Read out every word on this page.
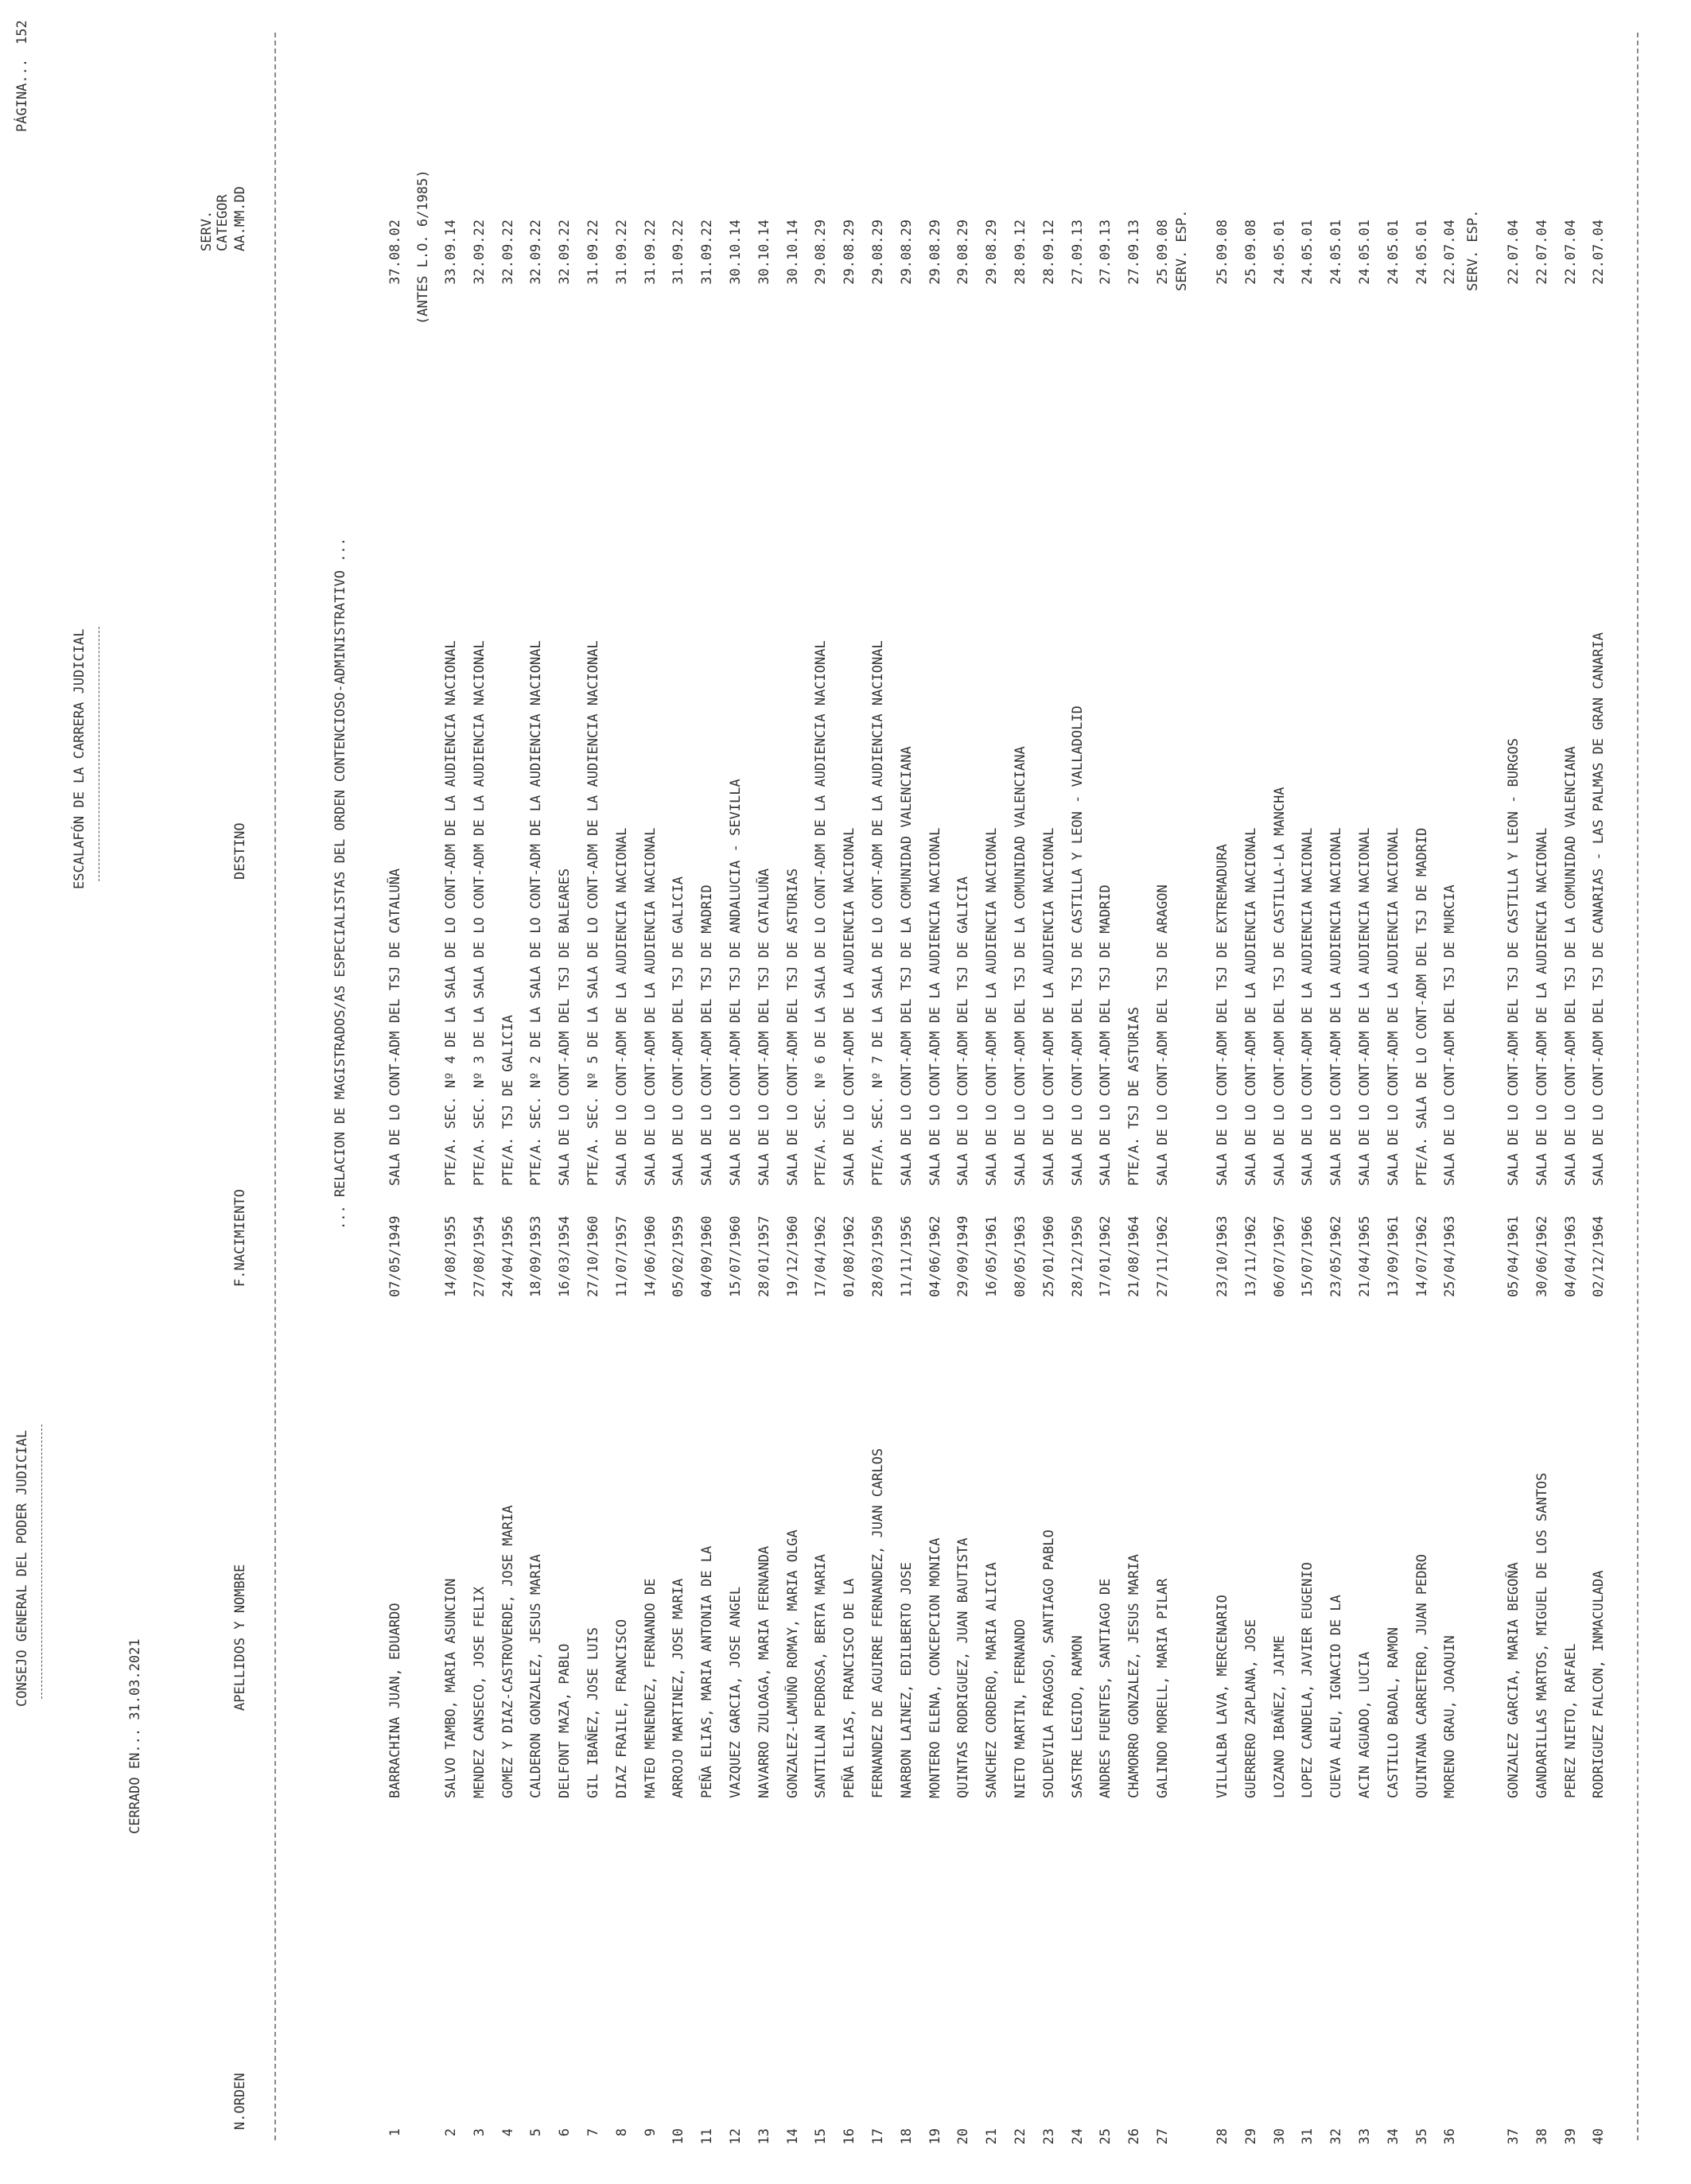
CONSEJO GENERAL DEL PODER JUDICIAL
ESCALAFÓN DE LA CARRERA JUDICIAL
PÁGINA...
152
CERRADO EN... 31.03.2021
SERV. CATEGOR
N.ORDEN
APELLIDOS Y NOMBRE
F.NACIMIENTO
DESTINO
AA.MM.DD
... RELACION DE MAGISTRADOS/AS ESPECIALISTAS DEL ORDEN CONTENCIOSO-ADMINISTRATIVO ...
(ANTES L.O. 6/1985)	SERV. ESP.	SERV. ESP.
1
BARRACHINA JUAN, EDUARDO
07/05/1949
SALA DE LO CONT-ADM DEL TSJ DE CATALUÑA
37.08.02
2
SALVO TAMBO, MARIA ASUNCION
14/08/1955
PTE/A. SEC. Nº 4 DE LA SALA DE LO CONT-ADM DE LA AUDIENCIA NACIONAL
33.09.14
3
MENDEZ CANSECO, JOSE FELIX
27/08/1954
PTE/A. SEC. Nº 3 DE LA SALA DE LO CONT-ADM DE LA AUDIENCIA NACIONAL
32.09.22
4
GOMEZ Y DIAZ-CASTROVERDE, JOSE MARIA
24/04/1956
PTE/A. TSJ DE GALICIA
32.09.22
5
CALDERON GONZALEZ, JESUS MARIA
18/09/1953
PTE/A. SEC. Nº 2 DE LA SALA DE LO CONT-ADM DE LA AUDIENCIA NACIONAL
32.09.22
6
DELFONT MAZA, PABLO
16/03/1954
SALA DE LO CONT-ADM DEL TSJ DE BALEARES
32.09.22
7
GIL IBAÑEZ, JOSE LUIS
27/10/1960
PTE/A. SEC. Nº 5 DE LA SALA DE LO CONT-ADM DE LA AUDIENCIA NACIONAL
31.09.22
8
DIAZ FRAILE, FRANCISCO
11/07/1957
SALA DE LO CONT-ADM DE LA AUDIENCIA NACIONAL
31.09.22
9
MATEO MENENDEZ, FERNANDO DE
14/06/1960
SALA DE LO CONT-ADM DE LA AUDIENCIA NACIONAL
31.09.22
10
ARROJO MARTINEZ, JOSE MARIA
05/02/1959
SALA DE LO CONT-ADM DEL TSJ DE GALICIA
31.09.22
11
PEÑA ELIAS, MARIA ANTONIA DE LA
04/09/1960
SALA DE LO CONT-ADM DEL TSJ DE MADRID
31.09.22
12
VAZQUEZ GARCIA, JOSE ANGEL
15/07/1960
SALA DE LO CONT-ADM DEL TSJ DE ANDALUCIA - SEVILLA
30.10.14
13
NAVARRO ZULOAGA, MARIA FERNANDA
28/01/1957
SALA DE LO CONT-ADM DEL TSJ DE CATALUÑA
30.10.14
14
GONZALEZ-LAMUÑO ROMAY, MARIA OLGA
19/12/1960
SALA DE LO CONT-ADM DEL TSJ DE ASTURIAS
30.10.14
15
SANTILLAN PEDROSA, BERTA MARIA
17/04/1962
PTE/A. SEC. Nº 6 DE LA SALA DE LO CONT-ADM DE LA AUDIENCIA NACIONAL
29.08.29
16
PEÑA ELIAS, FRANCISCO DE LA
01/08/1962
SALA DE LO CONT-ADM DE LA AUDIENCIA NACIONAL
29.08.29
17
FERNANDEZ DE AGUIRRE FERNANDEZ, JUAN CARLOS
28/03/1950
PTE/A. SEC. Nº 7 DE LA SALA DE LO CONT-ADM DE LA AUDIENCIA NACIONAL
29.08.29
18
NARBON LAINEZ, EDILBERTO JOSE
11/11/1956
SALA DE LO CONT-ADM DEL TSJ DE LA COMUNIDAD VALENCIANA
29.08.29
19
MONTERO ELENA, CONCEPCION MONICA
04/06/1962
SALA DE LO CONT-ADM DE LA AUDIENCIA NACIONAL
29.08.29
20
QUINTAS RODRIGUEZ, JUAN BAUTISTA
29/09/1949
SALA DE LO CONT-ADM DEL TSJ DE GALICIA
29.08.29
21
SANCHEZ CORDERO, MARIA ALICIA
16/05/1961
SALA DE LO CONT-ADM DE LA AUDIENCIA NACIONAL
29.08.29
22
NIETO MARTIN, FERNANDO
08/05/1963
SALA DE LO CONT-ADM DEL TSJ DE LA COMUNIDAD VALENCIANA
28.09.12
23
SOLDEVILA FRAGOSO, SANTIAGO PABLO
25/01/1960
SALA DE LO CONT-ADM DE LA AUDIENCIA NACIONAL
28.09.12
24
SASTRE LEGIDO, RAMON
28/12/1950
SALA DE LO CONT-ADM DEL TSJ DE CASTILLA Y LEON - VALLADOLID
27.09.13
25
ANDRES FUENTES, SANTIAGO DE
17/01/1962
SALA DE LO CONT-ADM DEL TSJ DE MADRID
27.09.13
26
CHAMORRO GONZALEZ, JESUS MARIA
21/08/1964
PTE/A. TSJ DE ASTURIAS
27.09.13
27
GALINDO MORELL, MARIA PILAR
27/11/1962
SALA DE LO CONT-ADM DEL TSJ DE ARAGON
25.09.08
28
VILLALBA LAVA, MERCENARIO
23/10/1963
SALA DE LO CONT-ADM DEL TSJ DE EXTREMADURA
25.09.08
29
GUERRERO ZAPLANA, JOSE
13/11/1962
SALA DE LO CONT-ADM DE LA AUDIENCIA NACIONAL
25.09.08
30
LOZANO IBAÑEZ, JAIME
06/07/1967
SALA DE LO CONT-ADM DEL TSJ DE CASTILLA-LA MANCHA
24.05.01
31
LOPEZ CANDELA, JAVIER EUGENIO
15/07/1966
SALA DE LO CONT-ADM DE LA AUDIENCIA NACIONAL
24.05.01
32
CUEVA ALEU, IGNACIO DE LA
23/05/1962
SALA DE LO CONT-ADM DE LA AUDIENCIA NACIONAL
24.05.01
33
ACIN AGUADO, LUCIA
21/04/1965
SALA DE LO CONT-ADM DE LA AUDIENCIA NACIONAL
24.05.01
34
CASTILLO BADAL, RAMON
13/09/1961
SALA DE LO CONT-ADM DE LA AUDIENCIA NACIONAL
24.05.01
35
QUINTANA CARRETERO, JUAN PEDRO
14/07/1962
PTE/A. SALA DE LO CONT-ADM DEL TSJ DE MADRID
24.05.01
36
MORENO GRAU, JOAQUIN
25/04/1963
SALA DE LO CONT-ADM DEL TSJ DE MURCIA
22.07.04
37
GONZALEZ GARCIA, MARIA BEGOÑA
05/04/1961
SALA DE LO CONT-ADM DEL TSJ DE CASTILLA Y LEON - BURGOS
22.07.04
38
GANDARILLAS MARTOS, MIGUEL DE LOS SANTOS
30/06/1962
SALA DE LO CONT-ADM DE LA AUDIENCIA NACIONAL
22.07.04
39
PEREZ NIETO, RAFAEL
04/04/1963
SALA DE LO CONT-ADM DEL TSJ DE LA COMUNIDAD VALENCIANA
22.07.04
40
RODRIGUEZ FALCON, INMACULADA
02/12/1964
SALA DE LO CONT-ADM DEL TSJ DE CANARIAS - LAS PALMAS DE GRAN CANARIA
22.07.04
